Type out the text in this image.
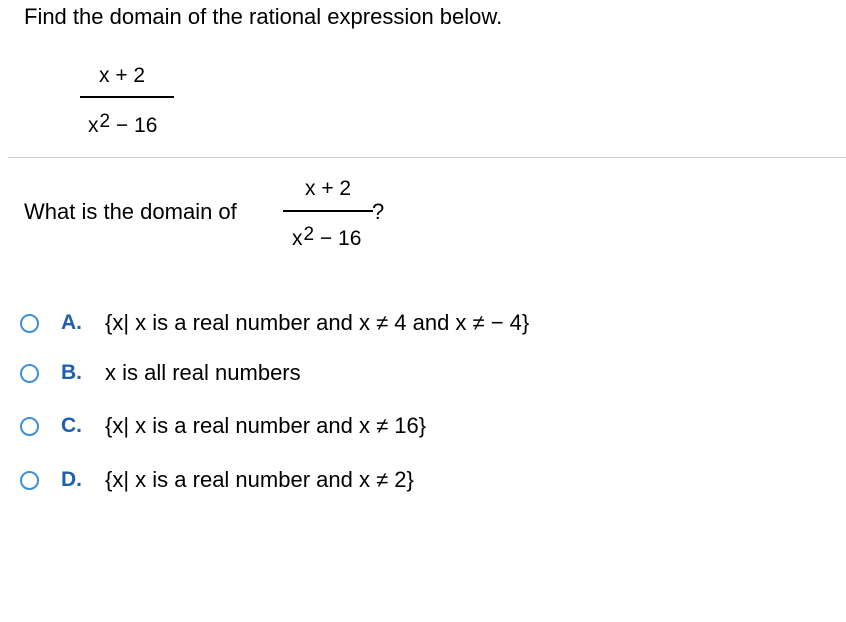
Find the domain of the rational expression below.
x + 2
$x^2 - 16$
What is the domain of
x + 2
$x^2 - 16$
?
A.	{x| x is a real number and x ≠ 4 and x ≠ − 4}
B.	x is all real numbers
C.	{x| x is a real number and x ≠ 16}
D.	{x| x is a real number and x ≠ 2}
